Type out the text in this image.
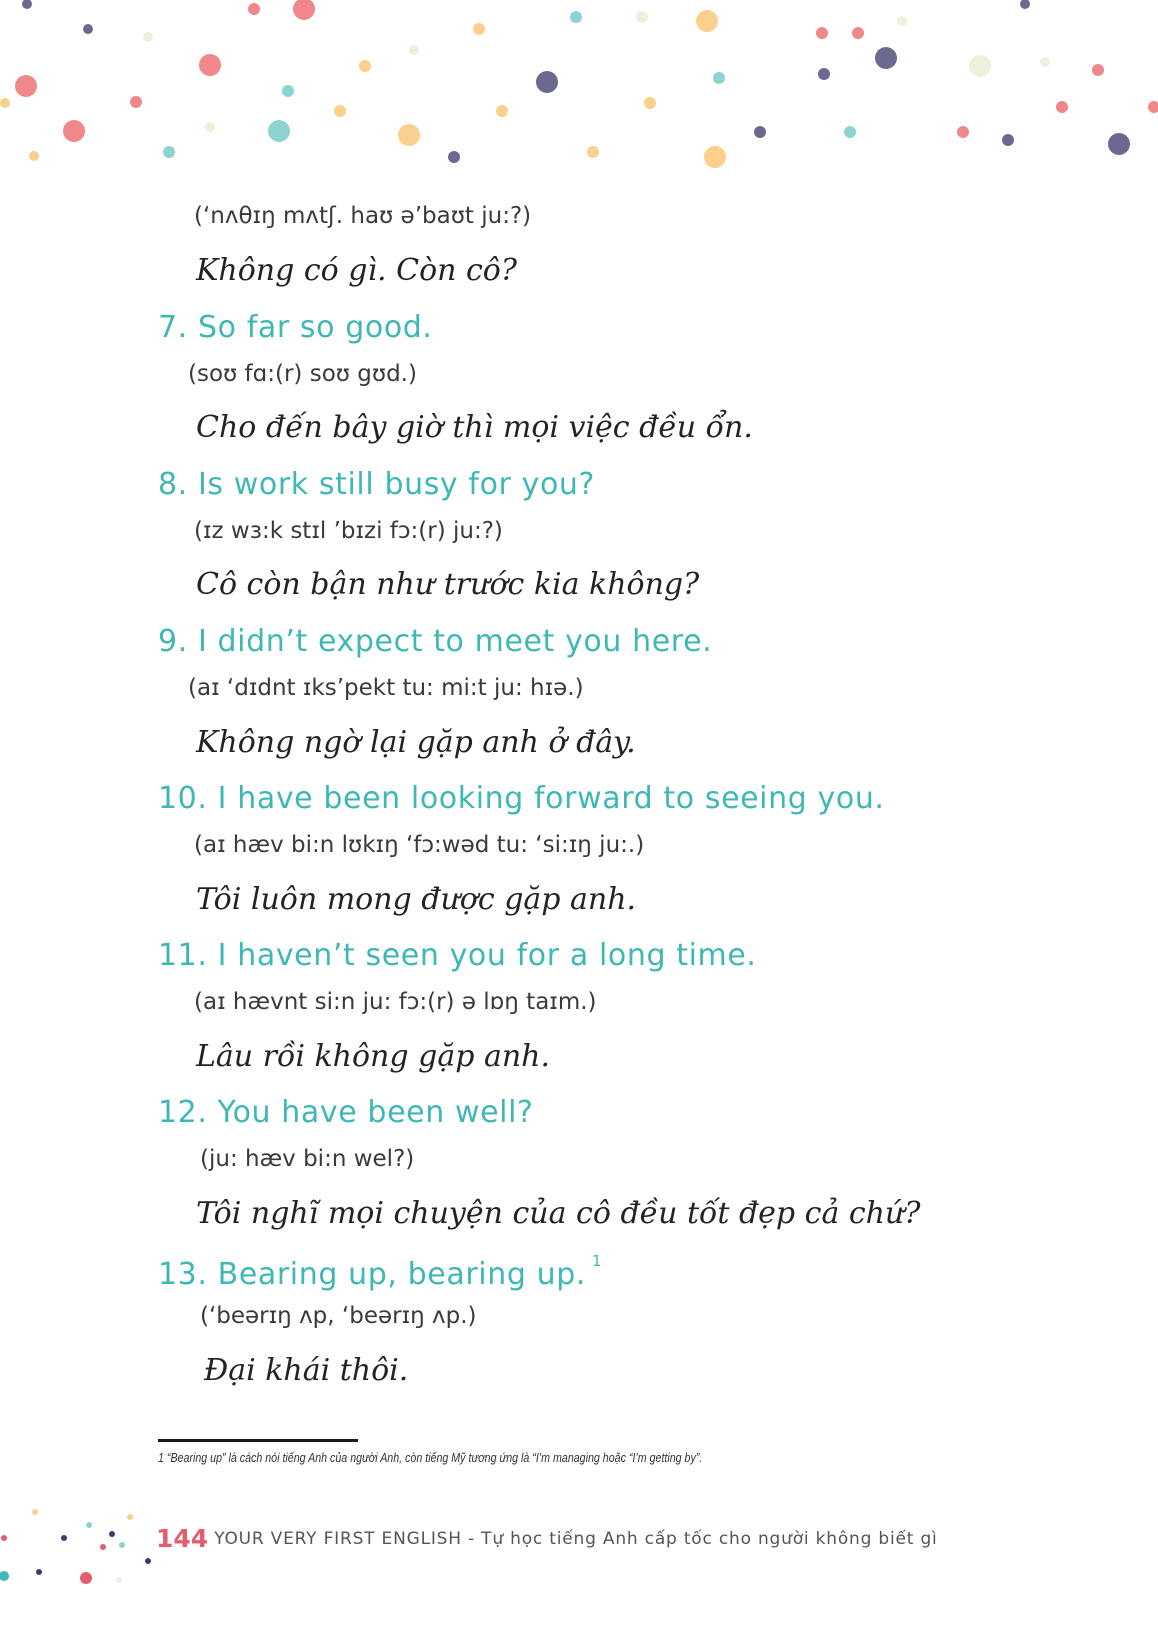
(‘nʌθɪŋ mʌtʃ. haʊ ə’baʊt ju:?)
Không có gì. Còn cô?
7. So far so good.
(soʊ fɑ:(r) soʊ gʊd.)
Cho đến bây giờ thì mọi việc đều ổn.
8. Is work still busy for you?
(ɪz wɜ:k stɪl ’bɪzi fɔ:(r) ju:?)
Cô còn bận như trước kia không?
9. I didn’t expect to meet you here.
(aɪ ‘dɪdnt ɪks’pekt tu: mi:t ju: hɪə.)
Không ngờ lại gặp anh ở đây.
10. I have been looking forward to seeing you.
(aɪ hæv bi:n lʊkɪŋ ‘fɔ:wəd tu: ‘si:ɪŋ ju:.)
Tôi luôn mong được gặp anh.
11. I haven’t seen you for a long time.
(aɪ hævnt si:n ju: fɔ:(r) ə lɒŋ taɪm.)
Lâu rồi không gặp anh.
12. You have been well?
(ju: hæv bi:n wel?)
Tôi nghĩ mọi chuyện của cô đều tốt đẹp cả chứ?
13. Bearing up, bearing up. $^1$
(‘beərɪŋ ʌp, ‘beərɪŋ ʌp.)
Đại khái thôi.
1 “Bearing up” là cách nói tiếng Anh của người Anh, còn tiếng Mỹ tương ứng là “I’m managing hoặc “I’m getting by”.
144 YOUR VERY FIRST ENGLISH - Tự học tiếng Anh cấp tốc cho người không biết gì
